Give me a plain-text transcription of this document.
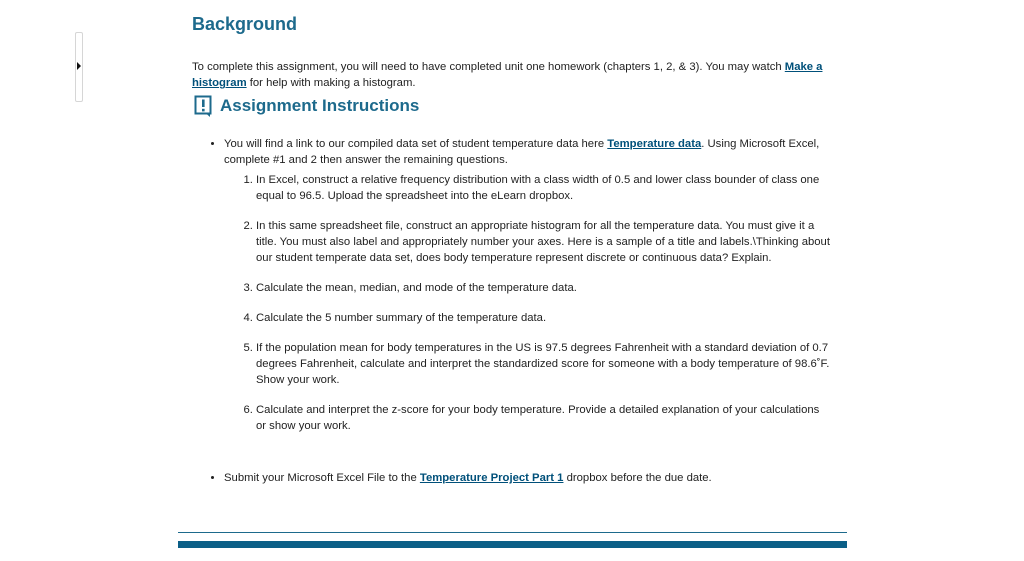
Background

To complete this assignment, you will need to have completed unit one homework (chapters 1, 2, & 3). You may watch Make a histogram for help with making a histogram.

Assignment Instructions
• You will find a link to our compiled data set of student temperature data here Temperature data. Using Microsoft Excel, complete #1 and 2 then answer the remaining questions.
1. In Excel, construct a relative frequency distribution with a class width of 0.5 and lower class bounder of class one equal to 96.5. Upload the spreadsheet into the eLearn dropbox.
2. In this same spreadsheet file, construct an appropriate histogram for all the temperature data. You must give it a title. You must also label and appropriately number your axes. Here is a sample of a title and labels.\Thinking about our student temperate data set, does body temperature represent discrete or continuous data? Explain.
3. Calculate the mean, median, and mode of the temperature data.
4. Calculate the 5 number summary of the temperature data.
5. If the population mean for body temperatures in the US is 97.5 degrees Fahrenheit with a standard deviation of 0.7 degrees Fahrenheit, calculate and interpret the standardized score for someone with a body temperature of 98.6˚F. Show your work.
6. Calculate and interpret the z-score for your body temperature. Provide a detailed explanation of your calculations or show your work.
• Submit your Microsoft Excel File to the Temperature Project Part 1 dropbox before the due date.
